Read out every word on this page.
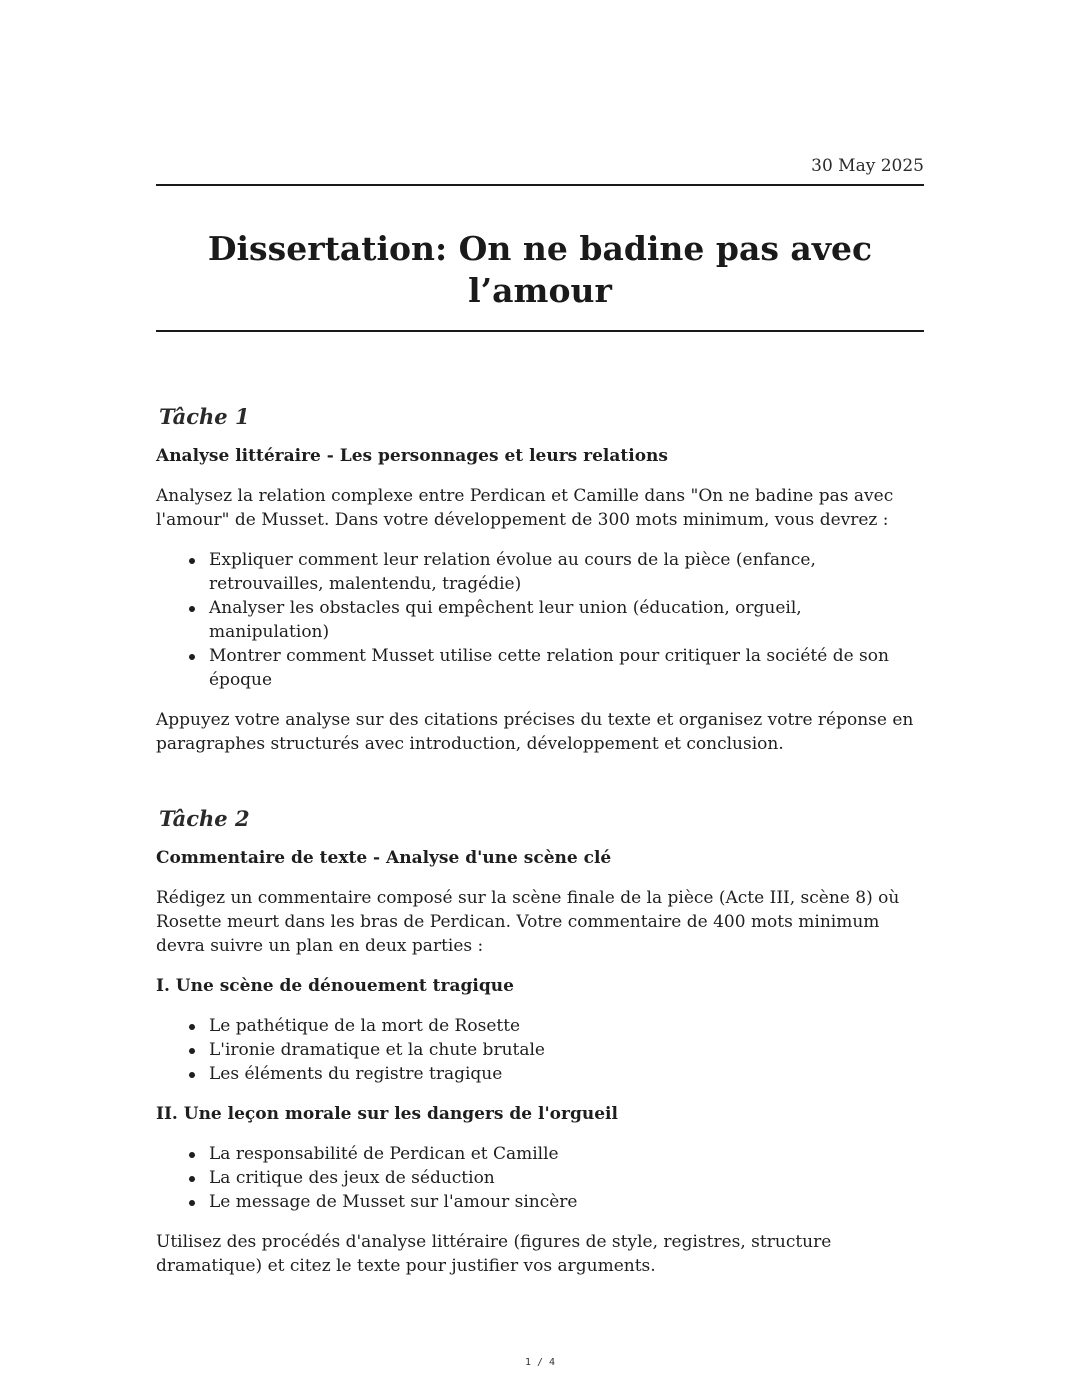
30 May 2025
Dissertation: On ne badine pas avec l’amour
Tâche 1
Analyse littéraire - Les personnages et leurs relations

Analysez la relation complexe entre Perdican et Camille dans "On ne badine pas avec l'amour" de Musset. Dans votre développement de 300 mots minimum, vous devrez :

Expliquer comment leur relation évolue au cours de la pièce (enfance, retrouvailles, malentendu, tragédie)
Analyser les obstacles qui empêchent leur union (éducation, orgueil, manipulation)
Montrer comment Musset utilise cette relation pour critiquer la société de son époque

Appuyez votre analyse sur des citations précises du texte et organisez votre réponse en paragraphes structurés avec introduction, développement et conclusion.

Tâche 2
Commentaire de texte - Analyse d'une scène clé

Rédigez un commentaire composé sur la scène finale de la pièce (Acte III, scène 8) où Rosette meurt dans les bras de Perdican. Votre commentaire de 400 mots minimum devra suivre un plan en deux parties :

I. Une scène de dénouement tragique
Le pathétique de la mort de Rosette
L'ironie dramatique et la chute brutale
Les éléments du registre tragique
II. Une leçon morale sur les dangers de l'orgueil
La responsabilité de Perdican et Camille
La critique des jeux de séduction
Le message de Musset sur l'amour sincère

Utilisez des procédés d'analyse littéraire (figures de style, registres, structure dramatique) et citez le texte pour justifier vos arguments.

1 / 4
